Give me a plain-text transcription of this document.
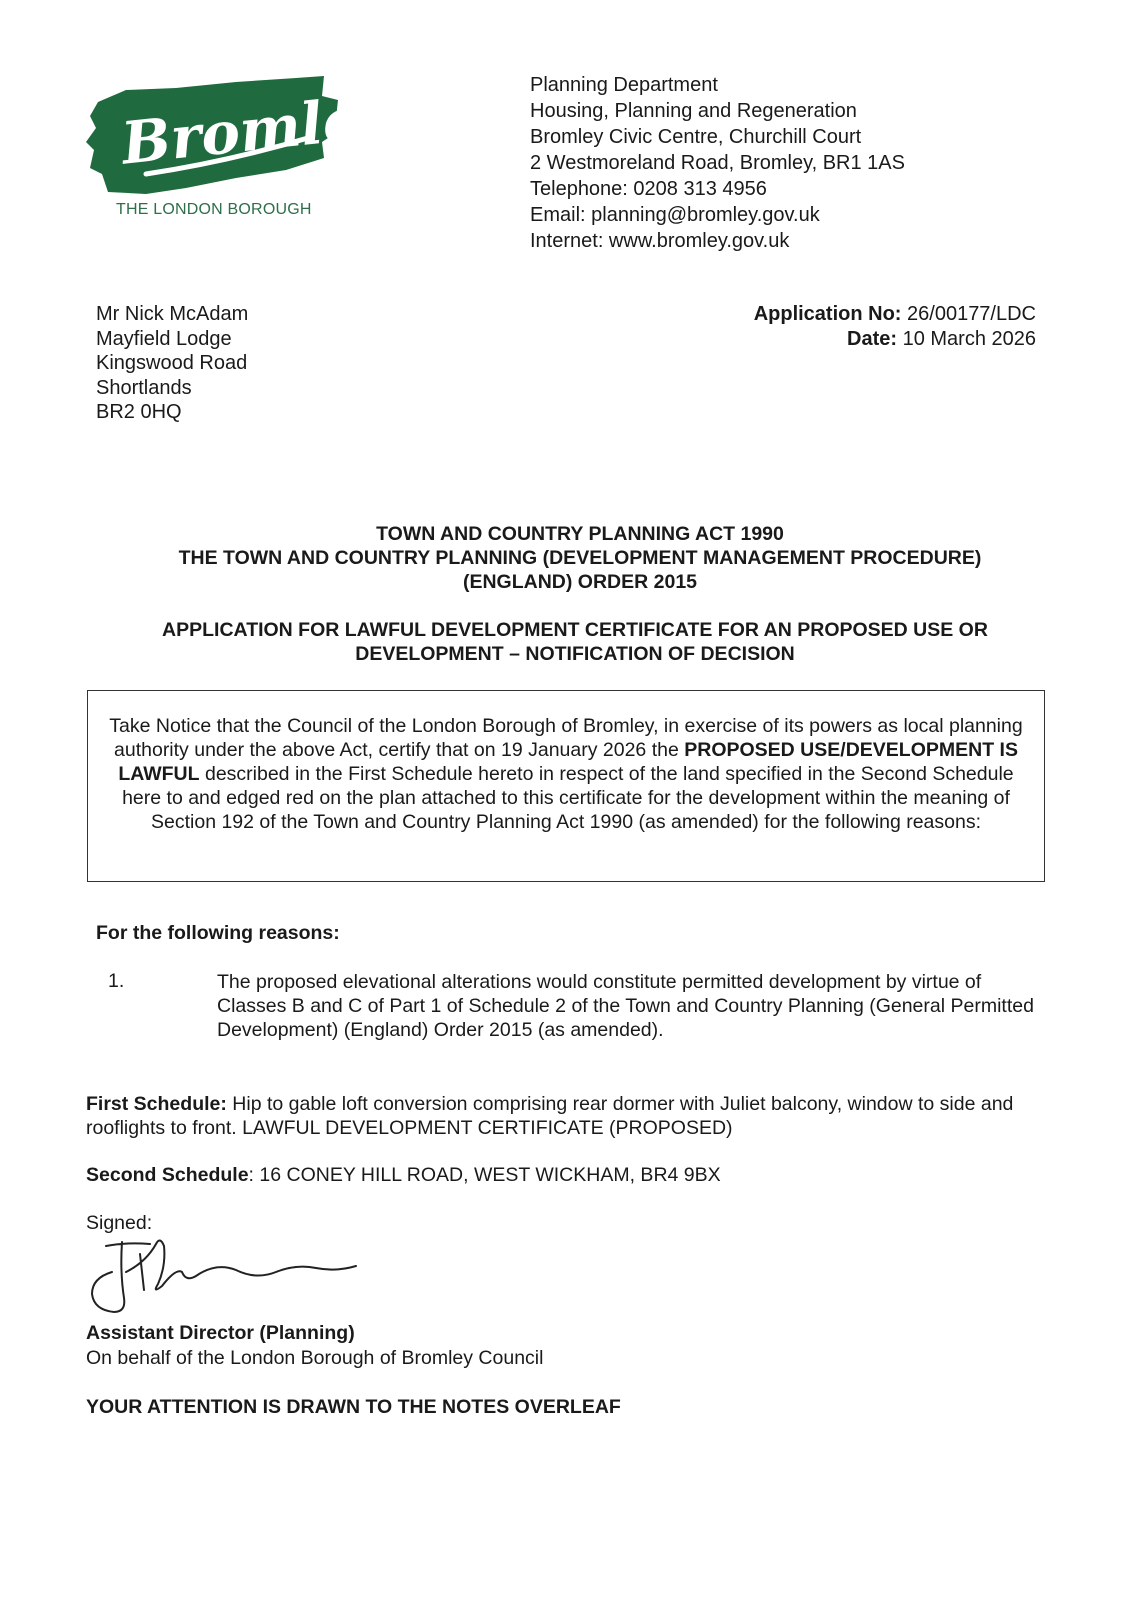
Bromley
THE LONDON BOROUGH
Planning Department
Housing, Planning and Regeneration
Bromley Civic Centre, Churchill Court
2 Westmoreland Road, Bromley, BR1 1AS
Telephone: 0208 313 4956
Email: planning@bromley.gov.uk
Internet: www.bromley.gov.uk
Mr Nick McAdam
Mayfield Lodge
Kingswood Road
Shortlands
BR2 0HQ
Application No: 26/00177/LDC
Date: 10 March 2026
TOWN AND COUNTRY PLANNING ACT 1990
THE TOWN AND COUNTRY PLANNING (DEVELOPMENT MANAGEMENT PROCEDURE)
(ENGLAND) ORDER 2015
APPLICATION FOR LAWFUL DEVELOPMENT CERTIFICATE FOR AN PROPOSED USE OR
DEVELOPMENT – NOTIFICATION OF DECISION
Take Notice that the Council of the London Borough of Bromley, in exercise of its powers as local planning authority under the above Act, certify that on 19 January 2026 the PROPOSED USE/DEVELOPMENT IS LAWFUL described in the First Schedule hereto in respect of the land specified in the Second Schedule here to and edged red on the plan attached to this certificate for the development within the meaning of Section 192 of the Town and Country Planning Act 1990 (as amended) for the following reasons:
For the following reasons:
1.	The proposed elevational alterations would constitute permitted development by virtue of Classes B and C of Part 1 of Schedule 2 of the Town and Country Planning (General Permitted Development) (England) Order 2015 (as amended).
First Schedule: Hip to gable loft conversion comprising rear dormer with Juliet balcony, window to side and rooflights to front. LAWFUL DEVELOPMENT CERTIFICATE (PROPOSED)
Second Schedule: 16 CONEY HILL ROAD, WEST WICKHAM, BR4 9BX
Signed:
Assistant Director (Planning)
On behalf of the London Borough of Bromley Council
YOUR ATTENTION IS DRAWN TO THE NOTES OVERLEAF
